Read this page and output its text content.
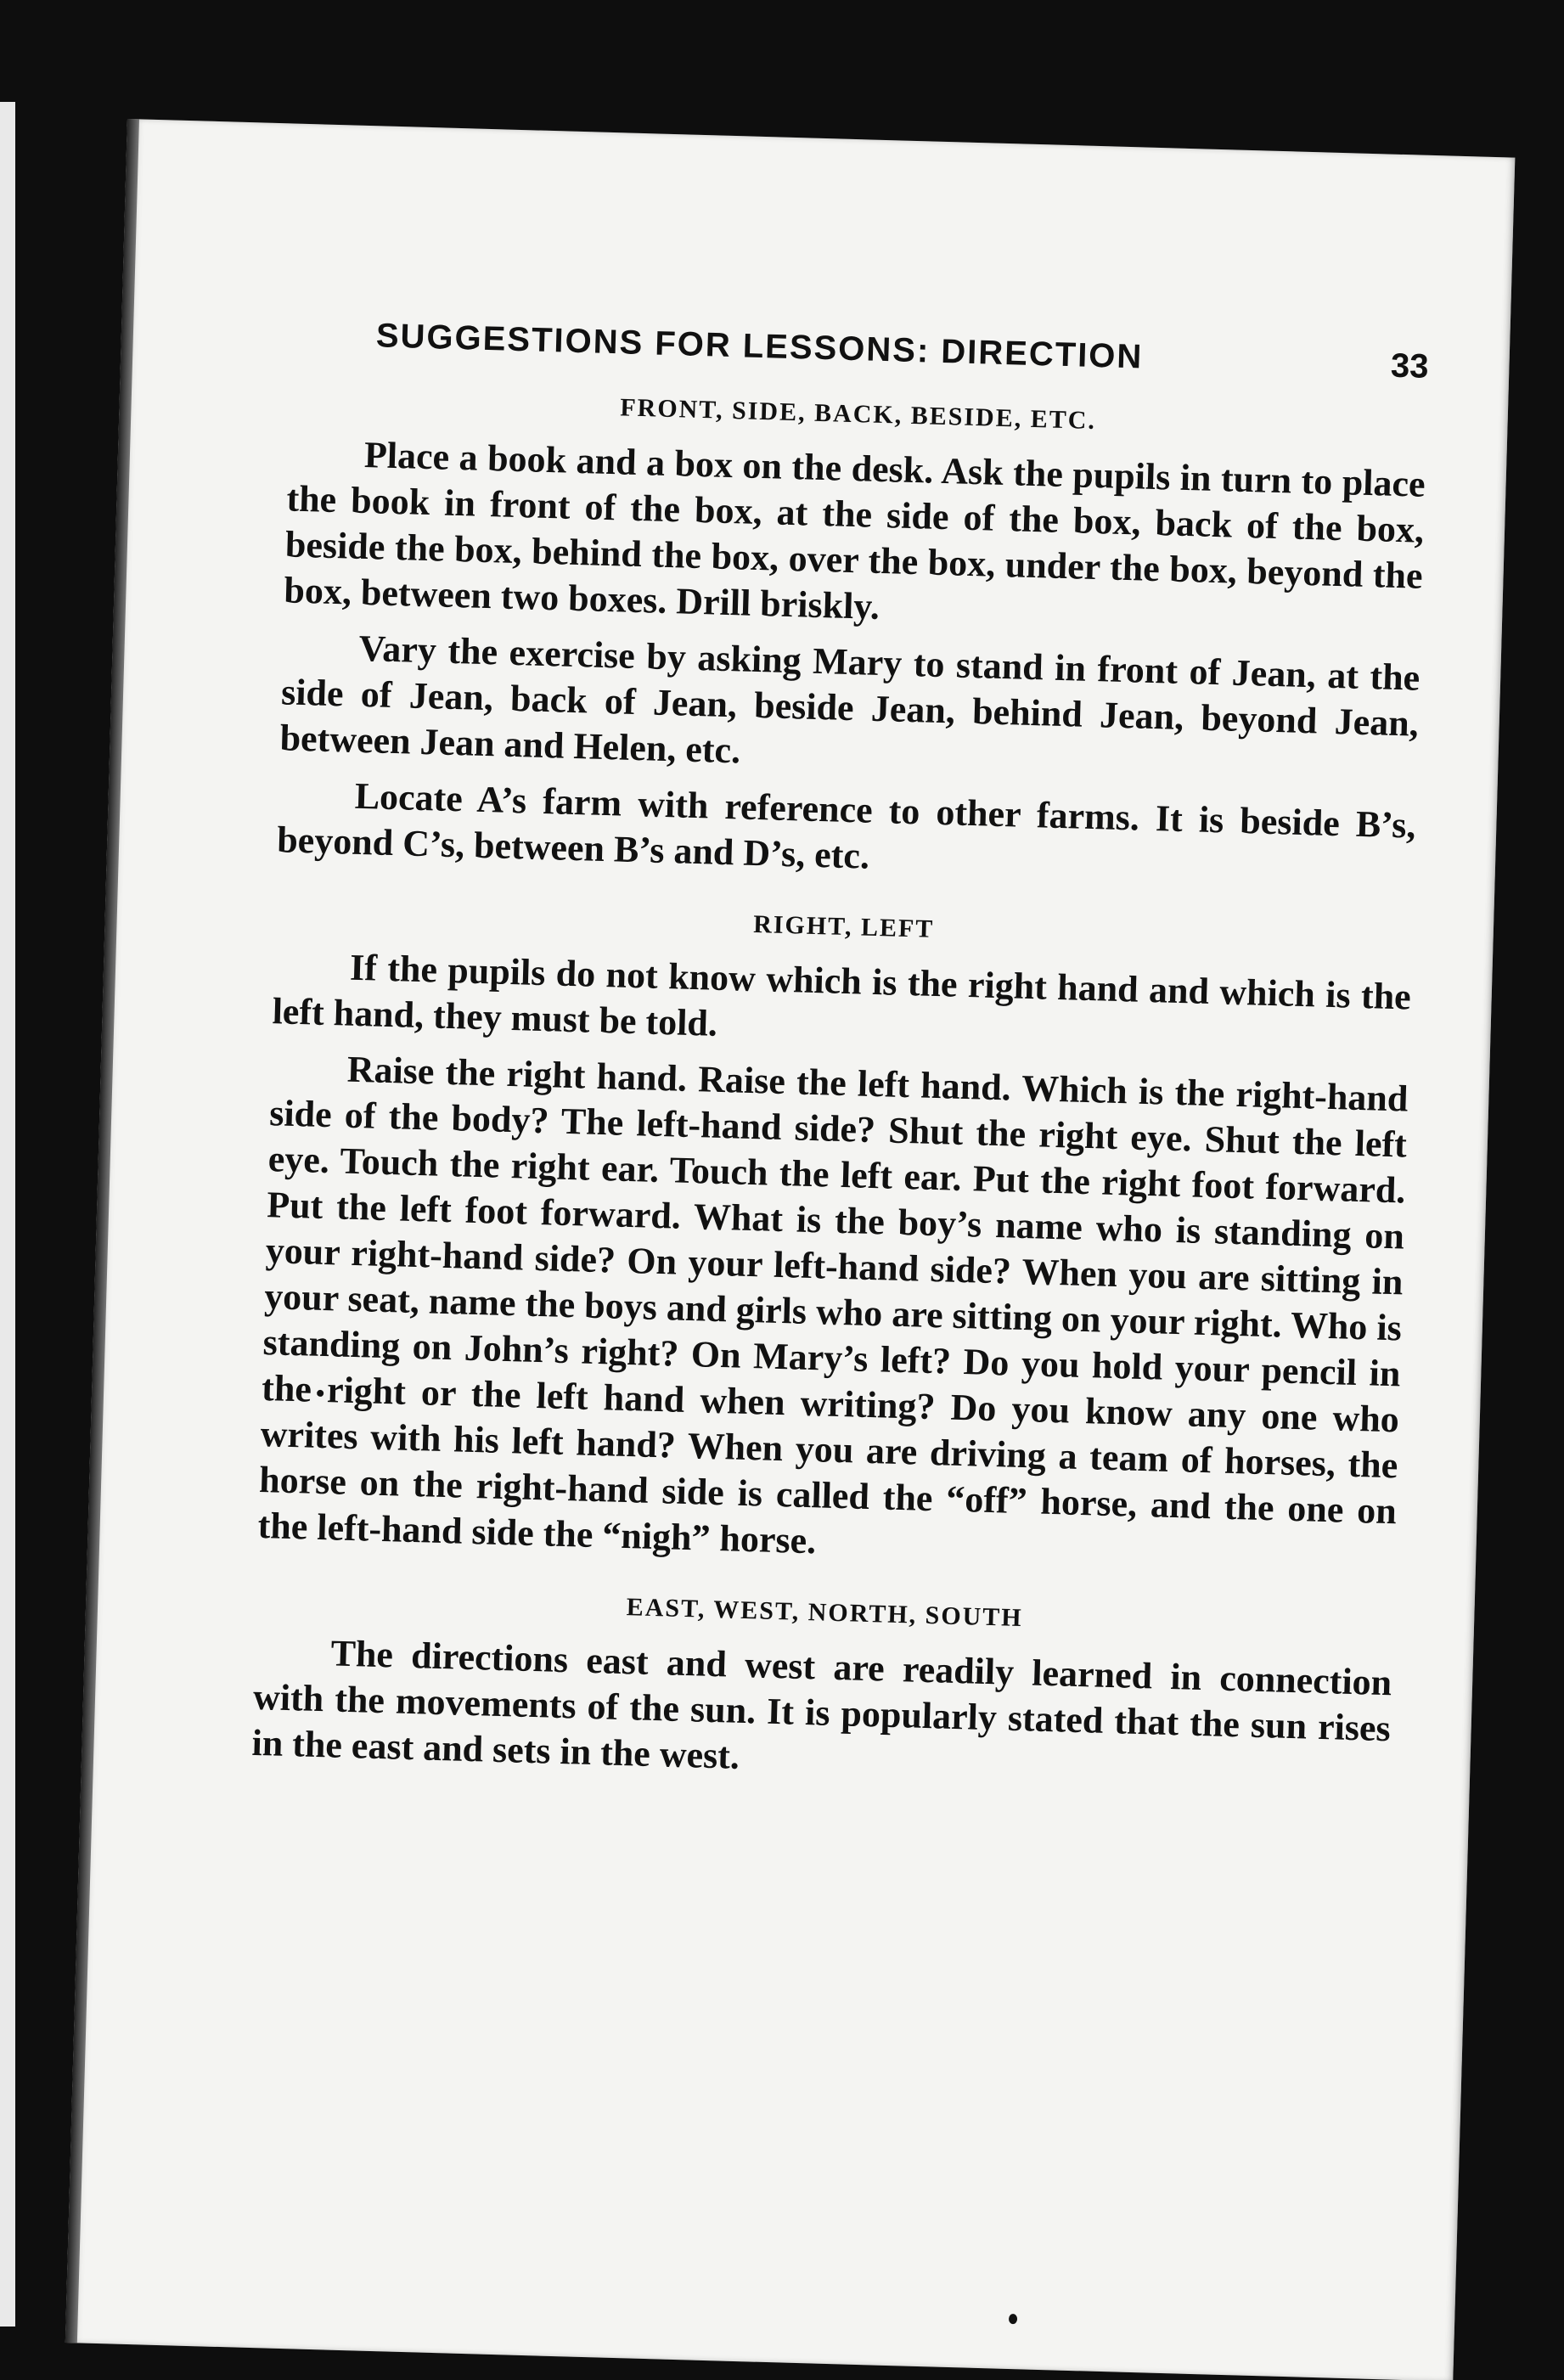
SUGGESTIONS FOR LESSONS: DIRECTION	33
FRONT, SIDE, BACK, BESIDE, ETC.

Place a book and a box on the desk. Ask the pupils in turn to place the book in front of the box, at the side of the box, back of the box, beside the box, behind the box, over the box, under the box, beyond the box, between two boxes. Drill briskly.

Vary the exercise by asking Mary to stand in front of Jean, at the side of Jean, back of Jean, beside Jean, behind Jean, beyond Jean, between Jean and Helen, etc.

Locate A’s farm with reference to other farms. It is beside B’s, beyond C’s, between B’s and D’s, etc.

RIGHT, LEFT

If the pupils do not know which is the right hand and which is the left hand, they must be told.

Raise the right hand. Raise the left hand. Which is the right-hand side of the body? The left-hand side? Shut the right eye. Shut the left eye. Touch the right ear. Touch the left ear. Put the right foot forward. Put the left foot forward. What is the boy’s name who is standing on your right-hand side? On your left-hand side? When you are sitting in your seat, name the boys and girls who are sitting on your right. Who is standing on John’s right? On Mary’s left? Do you hold your pencil in the right or the left hand when writing? Do you know any one who writes with his left hand? When you are driving a team of horses, the horse on the right-hand side is called the “off” horse, and the one on the left-hand side the “nigh” horse.

EAST, WEST, NORTH, SOUTH

The directions east and west are readily learned in connection with the movements of the sun. It is popularly stated that the sun rises in the east and sets in the west.
